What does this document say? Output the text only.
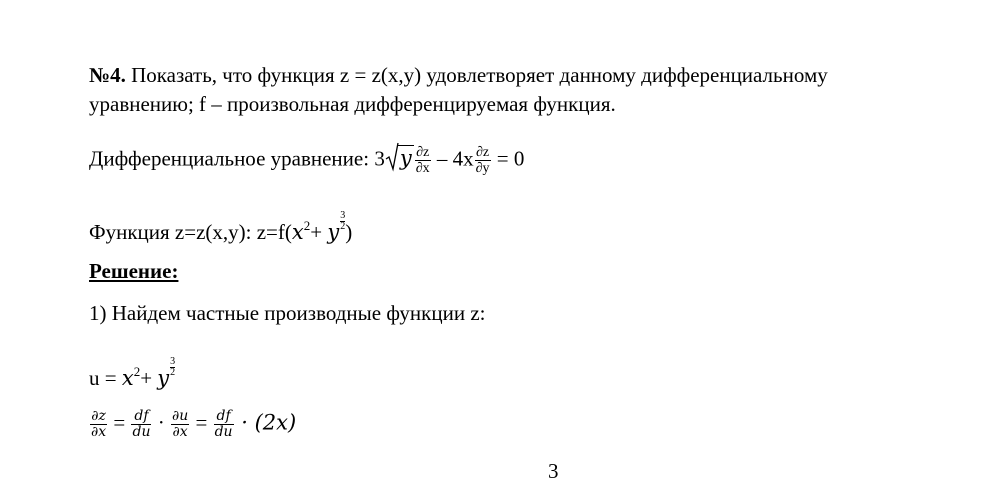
№4. Показать, что функция z = z(x,y) удовлетворяет данному дифференциальному
уравнению; f – произвольная дифференцируемая функция.
Дифференциальное уравнение: 3 y $\frac{\partial z}{\partial x} - 4x \frac{\partial z}{\partial y} = 0$
Функция z=z(x,y): $z=f(x^2+ y \frac{3}{2}$ )
Решение:
1) Найдем частные производные функции z:
$u = x^2+ y \frac{3}{2}$
$\frac{\partial z}{\partial x} = \frac{df}{du} \cdot \frac{\partial u}{\partial x} = \frac{df}{du} \cdot (2x)$
3
